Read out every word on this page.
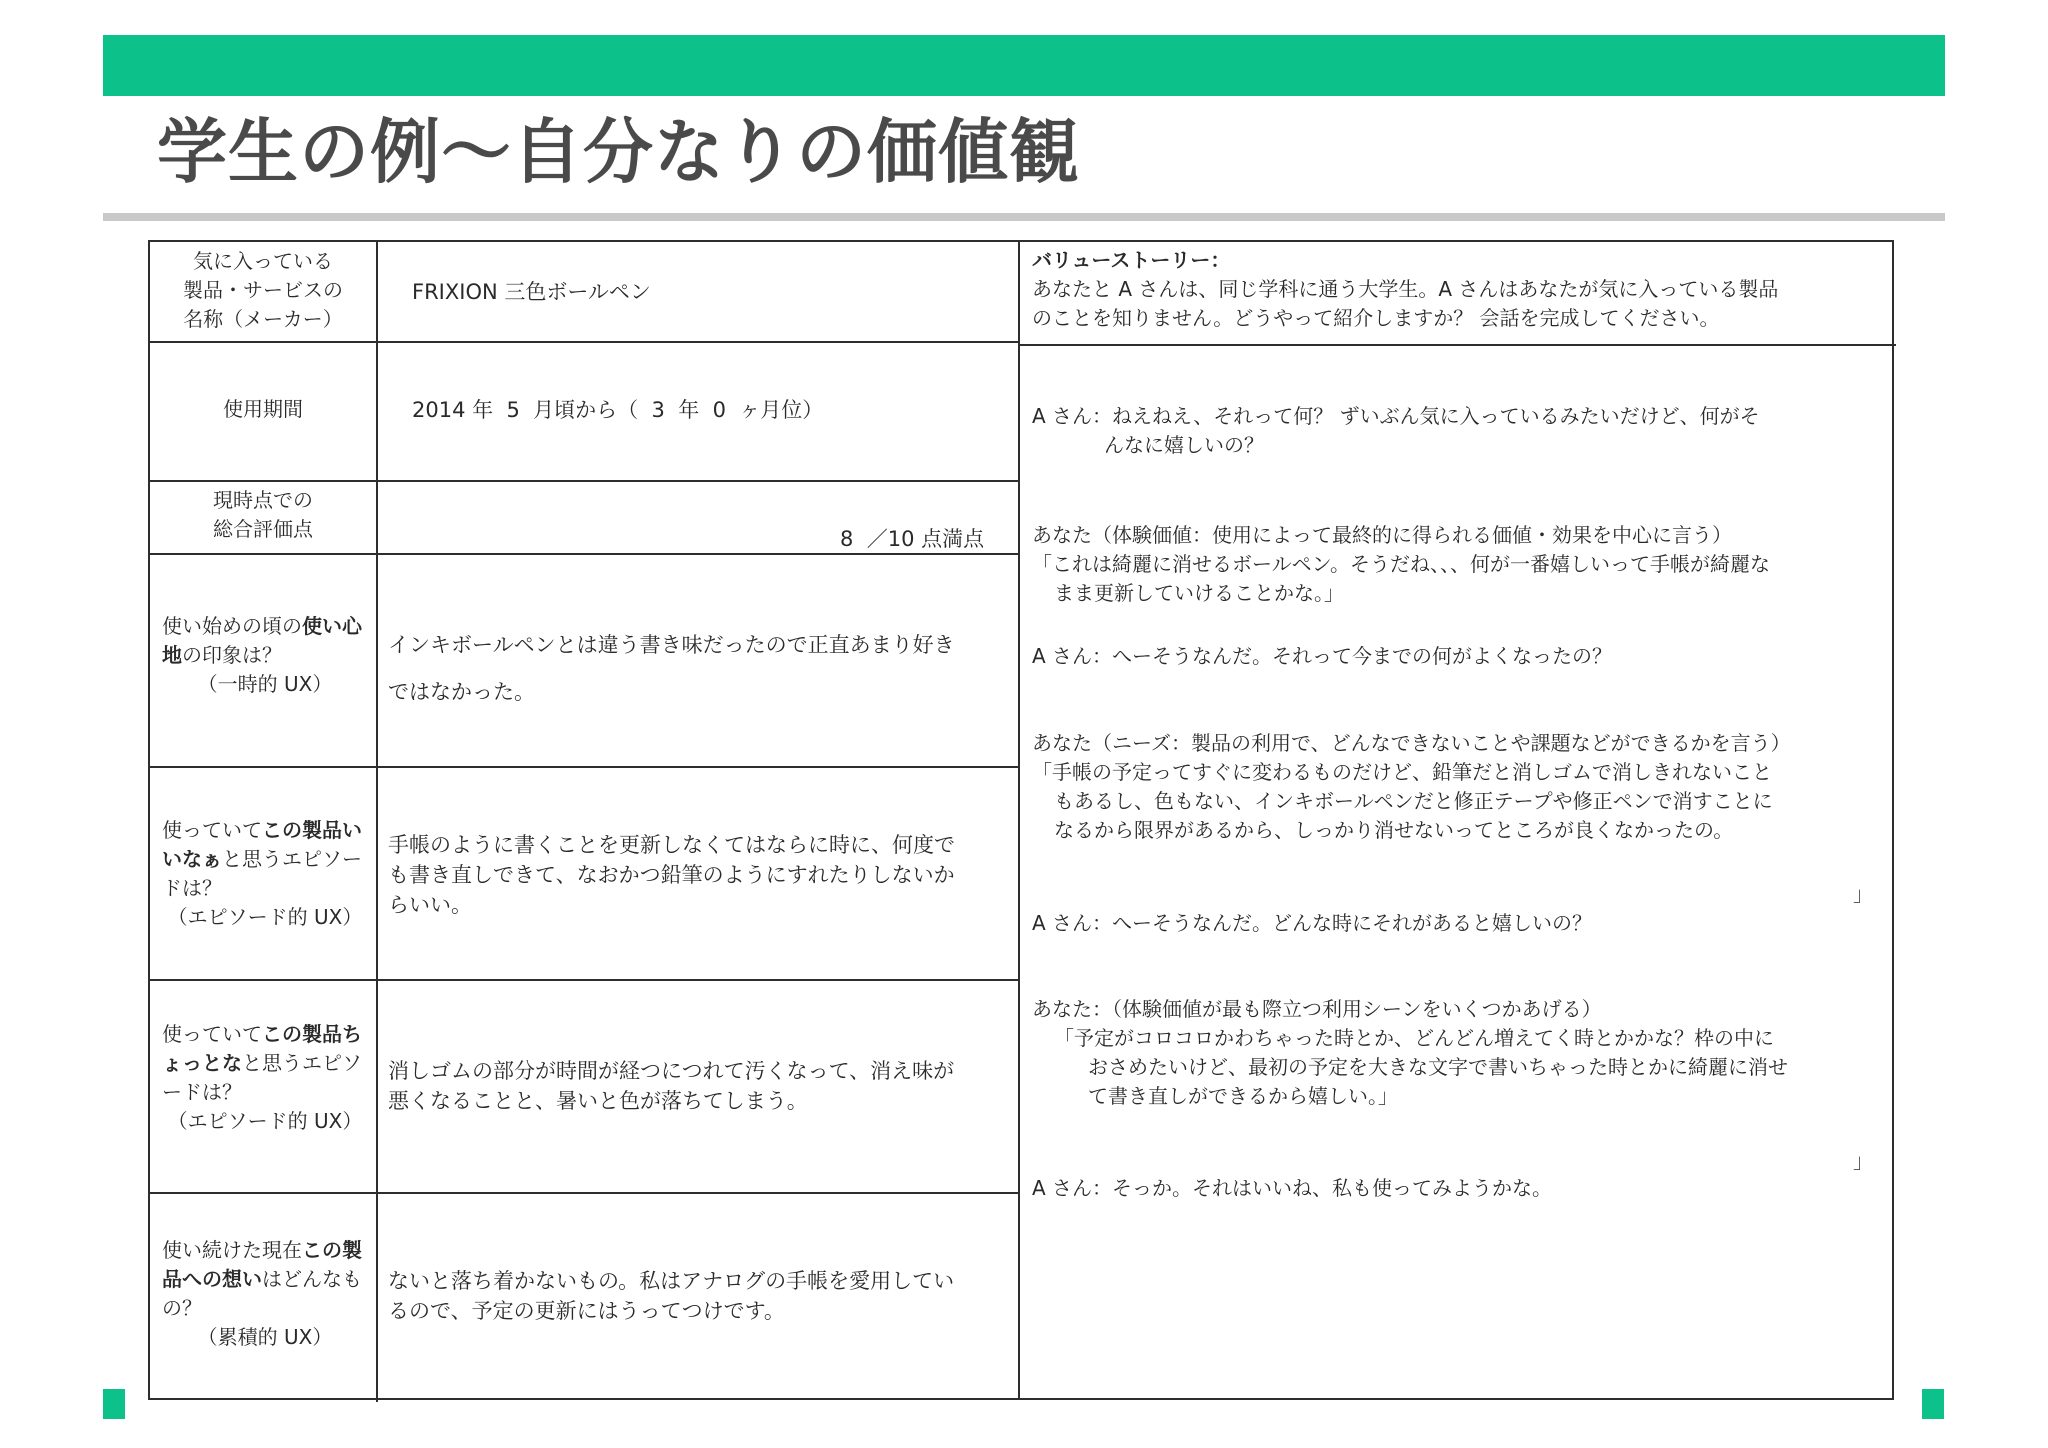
学生の例〜自分なりの価値観
気に入っている
製品・サービスの
名称（メーカー）
FRIXION 三色ボールペン
使用期間	2014 年  5  月頃から（  3  年  0  ヶ月位）
現時点での
総合評価点	8  ／10 点満点
使い始めの頃の使い心地の印象は？
（一時的 UX）
インキボールペンとは違う書き味だったので正直あまり好き
ではなかった。
使っていてこの製品いいなぁと思うエピソードは？
（エピソード的 UX）
手帳のように書くことを更新しなくてはならに時に、何度で
も書き直しできて、なおかつ鉛筆のようにすれたりしないか
らいい。
使っていてこの製品ちょっとなと思うエピソードは？
（エピソード的 UX）
消しゴムの部分が時間が経つにつれて汚くなって、消え味が
悪くなることと、暑いと色が落ちてしまう。
使い続けた現在この製品への想いはどんなもの？
（累積的 UX）
ないと落ち着かないもの。私はアナログの手帳を愛用してい
るので、予定の更新にはうってつけです。
バリューストーリー：
あなたと A さんは、同じ学科に通う大学生。A さんはあなたが気に入っている製品
のことを知りません。どうやって紹介しますか？ 会話を完成してください。
A さん：ねえねえ、それって何？ ずいぶん気に入っているみたいだけど、何がそ
んなに嬉しいの？
あなた（体験価値：使用によって最終的に得られる価値・効果を中心に言う）
「これは綺麗に消せるボールペン。そうだね、、、何が一番嬉しいって手帳が綺麗な
まま更新していけることかな。」
A さん：へーそうなんだ。それって今までの何がよくなったの？
あなた（ニーズ：製品の利用で、どんなできないことや課題などができるかを言う）
「手帳の予定ってすぐに変わるものだけど、鉛筆だと消しゴムで消しきれないこと
もあるし、色もない、インキボールペンだと修正テープや修正ペンで消すことに
なるから限界があるから、しっかり消せないってところが良くなかったの。
」
A さん：へーそうなんだ。どんな時にそれがあると嬉しいの？
あなた：（体験価値が最も際立つ利用シーンをいくつかあげる）
「予定がコロコロかわちゃった時とか、どんどん増えてく時とかかな？枠の中に
おさめたいけど、最初の予定を大きな文字で書いちゃった時とかに綺麗に消せ
て書き直しができるから嬉しい。」
」
A さん：そっか。それはいいね、私も使ってみようかな。
